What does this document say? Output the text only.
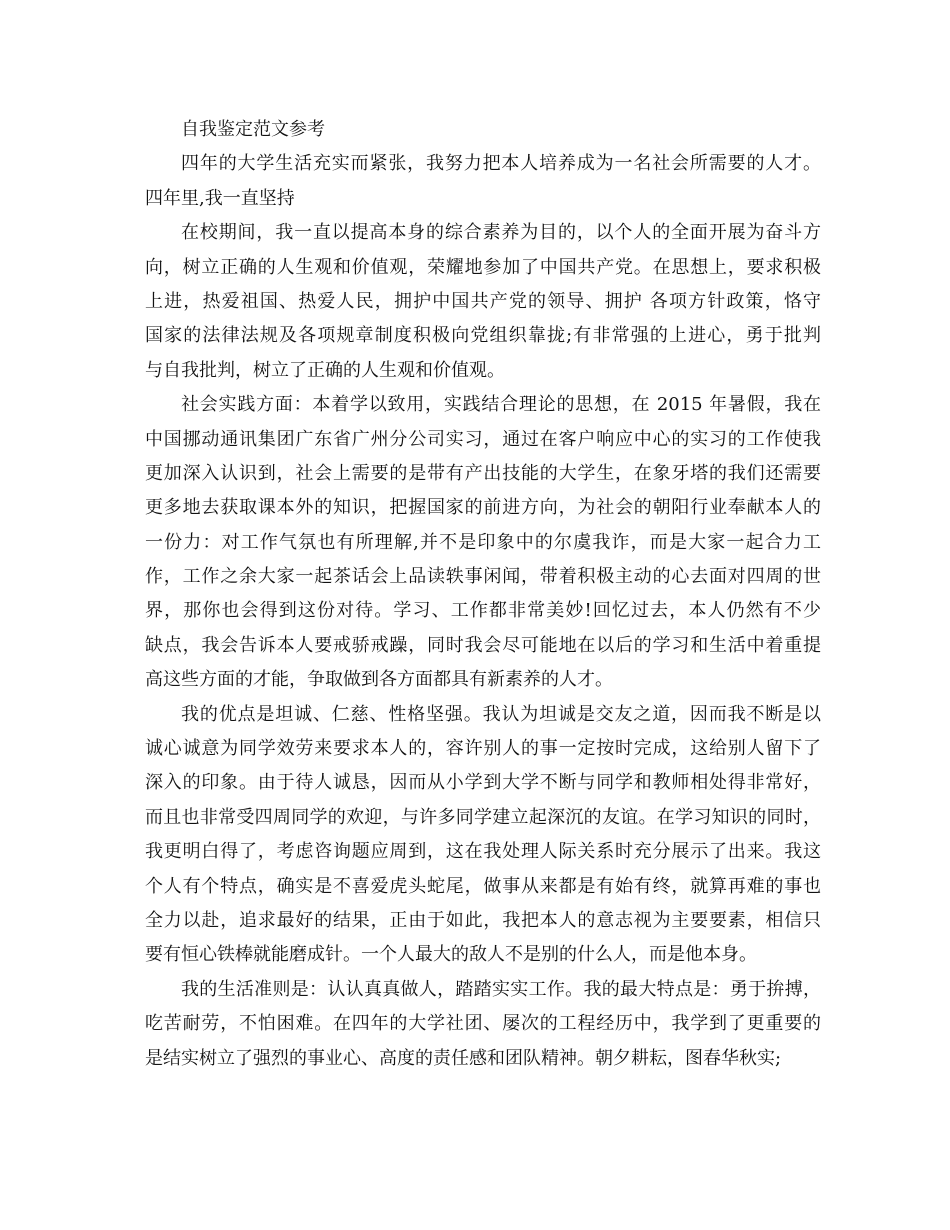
自我鉴定范文参考
四年的大学生活充实而紧张，我努力把本人培养成为一名社会所需要的人才。
四年里,我一直坚持
在校期间，我一直以提高本身的综合素养为目的，以个人的全面开展为奋斗方
向，树立正确的人生观和价值观，荣耀地参加了中国共产党。在思想上，要求积极
上进，热爱祖国、热爱人民，拥护中国共产党的领导、拥护 各项方针政策，恪守
国家的法律法规及各项规章制度积极向党组织靠拢;有非常强的上进心，勇于批判
与自我批判，树立了正确的人生观和价值观。
社会实践方面：本着学以致用，实践结合理论的思想，在 2015 年暑假，我在
中国挪动通讯集团广东省广州分公司实习，通过在客户响应中心的实习的工作使我
更加深入认识到，社会上需要的是带有产出技能的大学生，在象牙塔的我们还需要
更多地去获取课本外的知识，把握国家的前进方向，为社会的朝阳行业奉献本人的
一份力：对工作气氛也有所理解,并不是印象中的尔虞我诈，而是大家一起合力工
作，工作之余大家一起茶话会上品读轶事闲闻，带着积极主动的心去面对四周的世
界，那你也会得到这份对待。学习、工作都非常美妙!回忆过去，本人仍然有不少
缺点，我会告诉本人要戒骄戒躁，同时我会尽可能地在以后的学习和生活中着重提
高这些方面的才能，争取做到各方面都具有新素养的人才。
我的优点是坦诚、仁慈、性格坚强。我认为坦诚是交友之道，因而我不断是以
诚心诚意为同学效劳来要求本人的，容许别人的事一定按时完成，这给别人留下了
深入的印象。由于待人诚恳，因而从小学到大学不断与同学和教师相处得非常好，
而且也非常受四周同学的欢迎，与许多同学建立起深沉的友谊。在学习知识的同时，
我更明白得了，考虑咨询题应周到，这在我处理人际关系时充分展示了出来。我这
个人有个特点，确实是不喜爱虎头蛇尾，做事从来都是有始有终，就算再难的事也
全力以赴，追求最好的结果，正由于如此，我把本人的意志视为主要要素，相信只
要有恒心铁棒就能磨成针。一个人最大的敌人不是别的什么人，而是他本身。
我的生活准则是：认认真真做人，踏踏实实工作。我的最大特点是：勇于拚搏，
吃苦耐劳，不怕困难。在四年的大学社团、屡次的工程经历中，我学到了更重要的
是结实树立了强烈的事业心、高度的责任感和团队精神。朝夕耕耘，图春华秋实;
